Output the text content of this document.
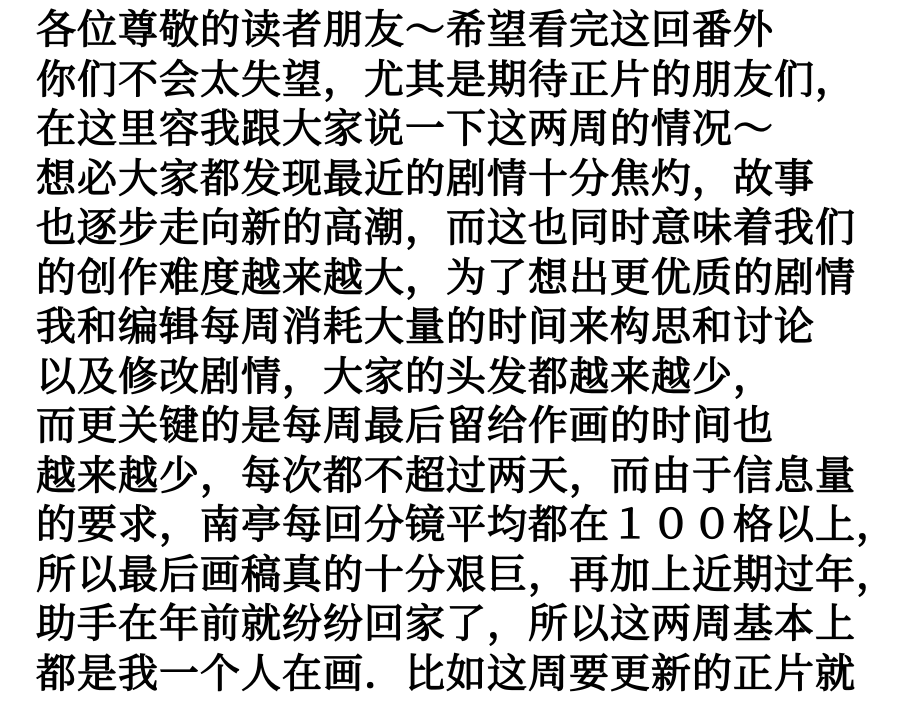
各位尊敬的读者朋友～希望看完这回番外
你们不会太失望，尤其是期待正片的朋友们，
在这里容我跟大家说一下这两周的情况～
想必大家都发现最近的剧情十分焦灼，故事
也逐步走向新的高潮，而这也同时意味着我们
的创作难度越来越大，为了想出更优质的剧情
我和编辑每周消耗大量的时间来构思和讨论
以及修改剧情，大家的头发都越来越少，
而更关键的是每周最后留给作画的时间也
越来越少，每次都不超过两天，而由于信息量
的要求，南亭每回分镜平均都在１００格以上，
所以最后画稿真的十分艰巨，再加上近期过年，
助手在年前就纷纷回家了，所以这两周基本上
都是我一个人在画．比如这周要更新的正片就
